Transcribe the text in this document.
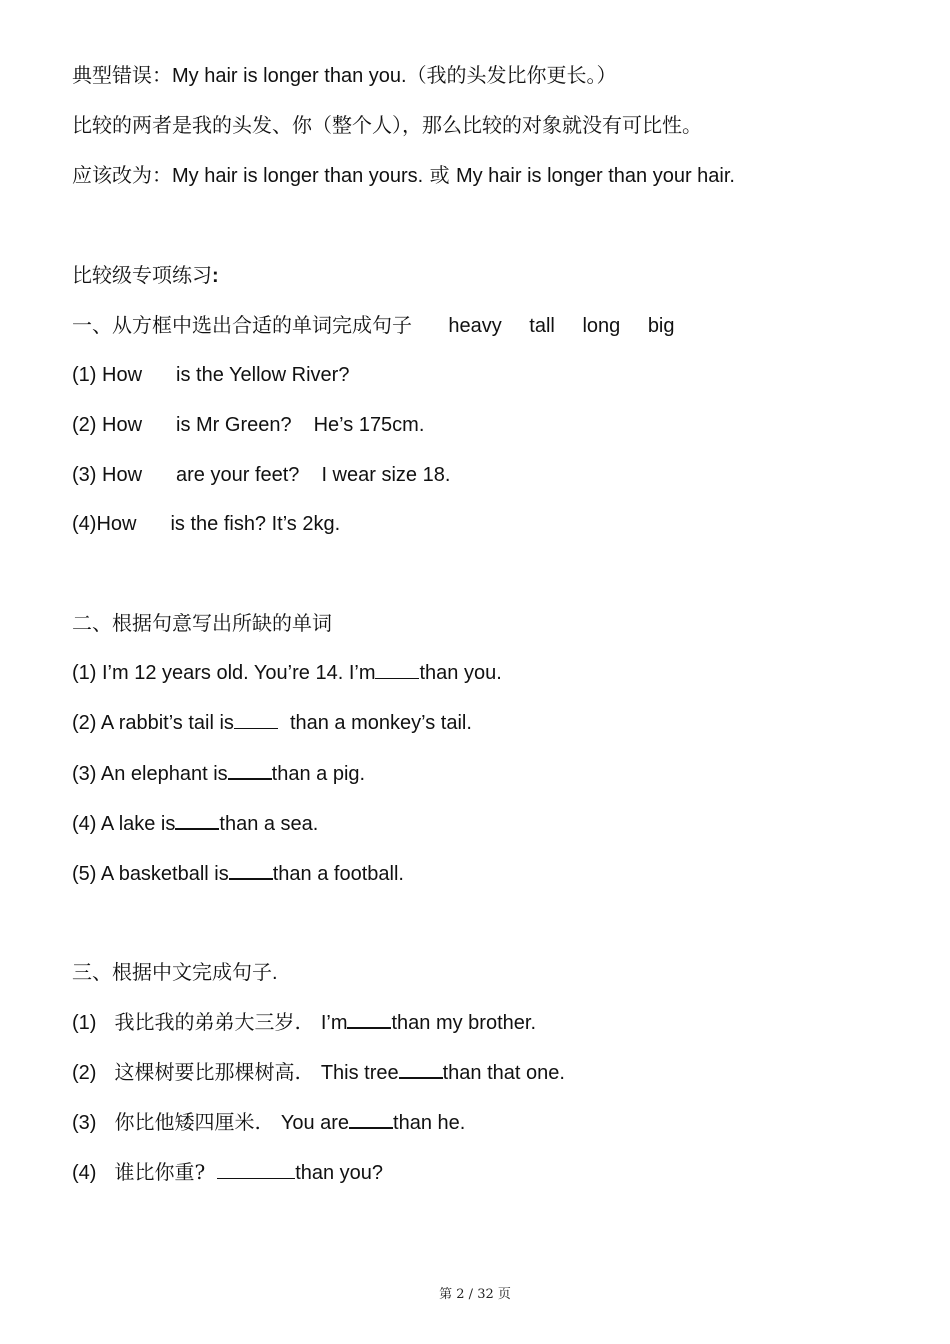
典型错误：My hair is longer than you.（我的头发比你更长。）
比较的两者是我的头发、你（整个人），那么比较的对象就没有可比性。
应该改为：My hair is longer than yours. 或 My hair is longer than your hair.
比较级专项练习:
一、从方框中选出合适的单词完成句子 heavy tall long big
(1) How is the Yellow River?
(2) How is Mr Green? He’s 175cm.
(3) How are your feet? I wear size 18.
(4)How is the fish? It’s 2kg.
二、根据句意写出所缺的单词
(1) I’m 12 years old. You’re 14. I’m than you.
(2) A rabbit’s tail is	than a monkey’s tail.
(3) An elephant is than a pig.
(4) A lake is than a sea.
(5) A basketball is than a football.
三、根据中文完成句子.
(1) 我比我的弟弟大三岁. I’m than my brother.
(2) 这棵树要比那棵树高. This tree than that one.
(3) 你比他矮四厘米. You are than he.
(4) 谁比你重?	than you?
第 2 / 32 页
